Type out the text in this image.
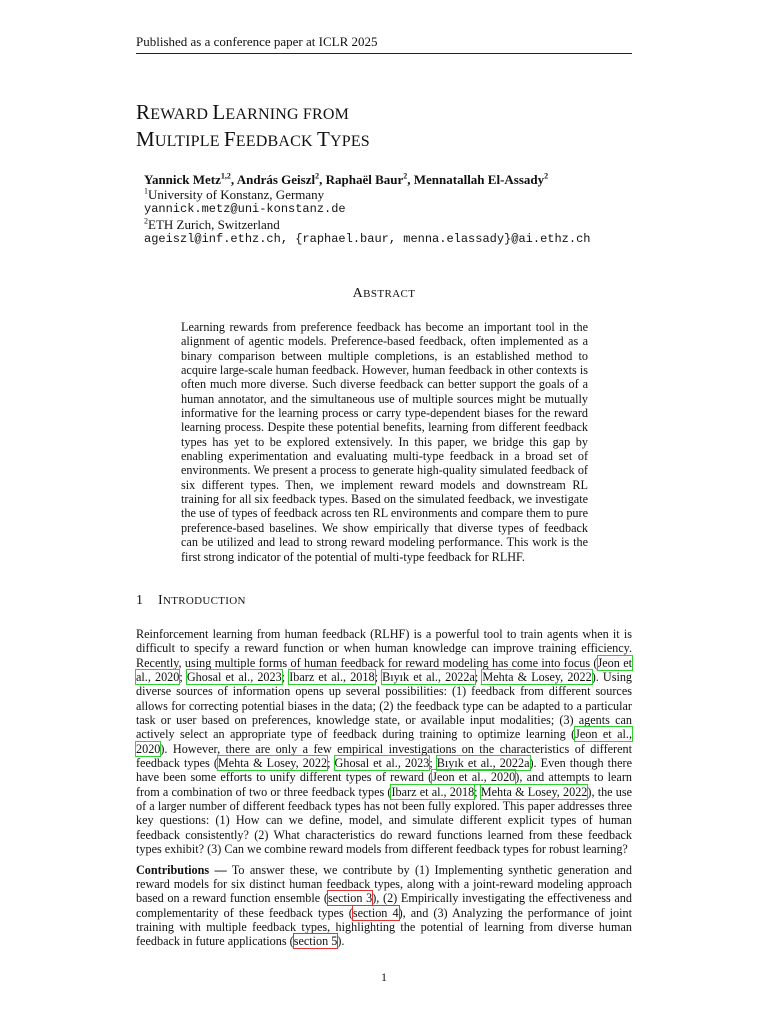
Published as a conference paper at ICLR 2025
REWARD LEARNING FROM
MULTIPLE FEEDBACK TYPES
Yannick Metz$^{1,2}$, András Geiszl$^2$, Raphaël Baur$^2$, Mennatallah El-Assady$^2$
$^1$University of Konstanz, Germany
yannick.metz@uni-konstanz.de
$^2$ETH Zurich, Switzerland
ageiszl@inf.ethz.ch, {raphael.baur, menna.elassady}@ai.ethz.ch
ABSTRACT
Learning rewards from preference feedback has become an important tool in the alignment of agentic models. Preference-based feedback, often implemented as a binary comparison between multiple completions, is an established method to acquire large-scale human feedback. However, human feedback in other contexts is often much more diverse. Such diverse feedback can better support the goals of a human annotator, and the simultaneous use of multiple sources might be mutually informative for the learning process or carry type-dependent biases for the reward learning process. Despite these potential benefits, learning from different feedback types has yet to be explored extensively. In this paper, we bridge this gap by enabling experimentation and evaluating multi-type feedback in a broad set of environments. We present a process to generate high-quality simulated feedback of six different types. Then, we implement reward models and downstream RL training for all six feedback types. Based on the simulated feedback, we investigate the use of types of feedback across ten RL environments and compare them to pure preference-based baselines. We show empirically that diverse types of feedback can be utilized and lead to strong reward modeling performance. This work is the first strong indicator of the potential of multi-type feedback for RLHF.
1 INTRODUCTION

Reinforcement learning from human feedback (RLHF) is a powerful tool to train agents when it is difficult to specify a reward function or when human knowledge can improve training efficiency. Recently, using multiple forms of human feedback for reward modeling has come into focus (Jeon et al., 2020; Ghosal et al., 2023; Ibarz et al., 2018; Bıyık et al., 2022a; Mehta & Losey, 2022). Using diverse sources of information opens up several possibilities: (1) feedback from different sources allows for correcting potential biases in the data; (2) the feedback type can be adapted to a particular task or user based on preferences, knowledge state, or available input modalities; (3) agents can actively select an appropriate type of feedback during training to optimize learning (Jeon et al., 2020). However, there are only a few empirical investigations on the characteristics of different feedback types (Mehta & Losey, 2022; Ghosal et al., 2023; Bıyık et al., 2022a). Even though there have been some efforts to unify different types of reward (Jeon et al., 2020), and attempts to learn from a combination of two or three feedback types (Ibarz et al., 2018; Mehta & Losey, 2022), the use of a larger number of different feedback types has not been fully explored. This paper addresses three key questions: (1) How can we define, model, and simulate different explicit types of human feedback consistently? (2) What characteristics do reward functions learned from these feedback types exhibit? (3) Can we combine reward models from different feedback types for robust learning?

Contributions — To answer these, we contribute by (1) Implementing synthetic generation and reward models for six distinct human feedback types, along with a joint-reward modeling approach based on a reward function ensemble (section 3), (2) Empirically investigating the effectiveness and complementarity of these feedback types (section 4), and (3) Analyzing the performance of joint training with multiple feedback types, highlighting the potential of learning from diverse human feedback in future applications (section 5).

1
